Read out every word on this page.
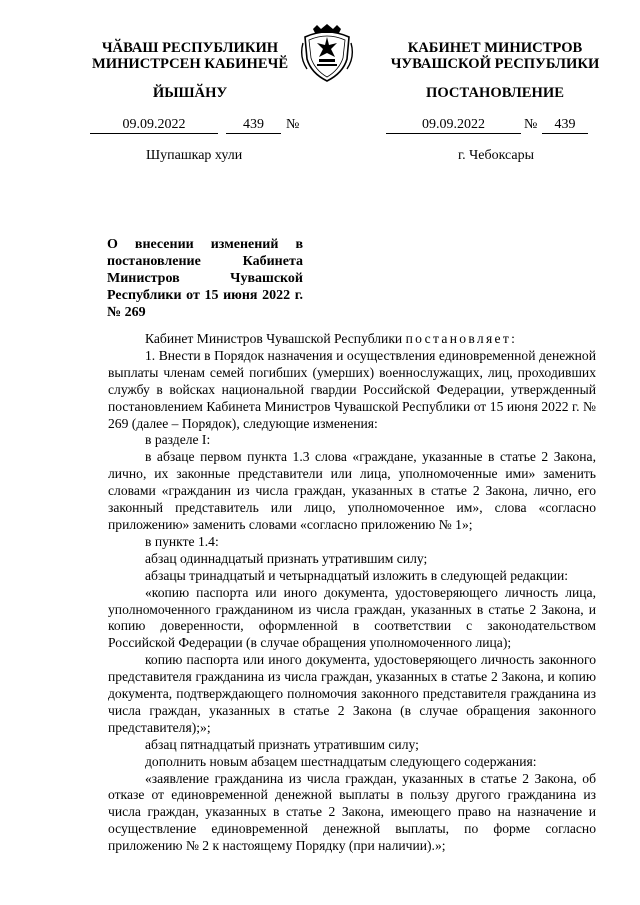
ЧӐВАШ РЕСПУБЛИКИН
МИНИСТРСЕН КАБИНЕЧӖ
ЙЫШӐНУ
КАБИНЕТ МИНИСТРОВ
ЧУВАШСКОЙ РЕСПУБЛИКИ
ПОСТАНОВЛЕНИЕ
09.09.2022	439	№	09.09.2022	№	439
Шупашкар хули	г. Чебоксары
О внесении изменений в постановление Кабинета Министров Чувашской Республики от 15 июня 2022 г. № 269

Кабинет Министров Чувашской Республики постановляет:

1. Внести в Порядок назначения и осуществления единовременной денежной выплаты членам семей погибших (умерших) военнослужащих, лиц, проходивших службу в войсках национальной гвардии Российской Федерации, утвержденный постановлением Кабинета Министров Чувашской Республики от 15 июня 2022 г. № 269 (далее – Порядок), следующие изменения:

в разделе I:

в абзаце первом пункта 1.3 слова «граждане, указанные в статье 2 Закона, лично, их законные представители или лица, уполномоченные ими» заменить словами «гражданин из числа граждан, указанных в статье 2 Закона, лично, его законный представитель или лицо, уполномоченное им», слова «согласно приложению» заменить словами «согласно приложению № 1»;

в пункте 1.4:

абзац одиннадцатый признать утратившим силу;

абзацы тринадцатый и четырнадцатый изложить в следующей редакции:

«копию паспорта или иного документа, удостоверяющего личность лица, уполномоченного гражданином из числа граждан, указанных в статье 2 Закона, и копию доверенности, оформленной в соответствии с законодательством Российской Федерации (в случае обращения уполномоченного лица);

копию паспорта или иного документа, удостоверяющего личность законного представителя гражданина из числа граждан, указанных в статье 2 Закона, и копию документа, подтверждающего полномочия законного представителя гражданина из числа граждан, указанных в статье 2 Закона (в случае обращения законного представителя);»;

абзац пятнадцатый признать утратившим силу;

дополнить новым абзацем шестнадцатым следующего содержания:

«заявление гражданина из числа граждан, указанных в статье 2 Закона, об отказе от единовременной денежной выплаты в пользу другого гражданина из числа граждан, указанных в статье 2 Закона, имеющего право на назначение и осуществление единовременной денежной выплаты, по форме согласно приложению № 2 к настоящему Порядку (при наличии).»;
